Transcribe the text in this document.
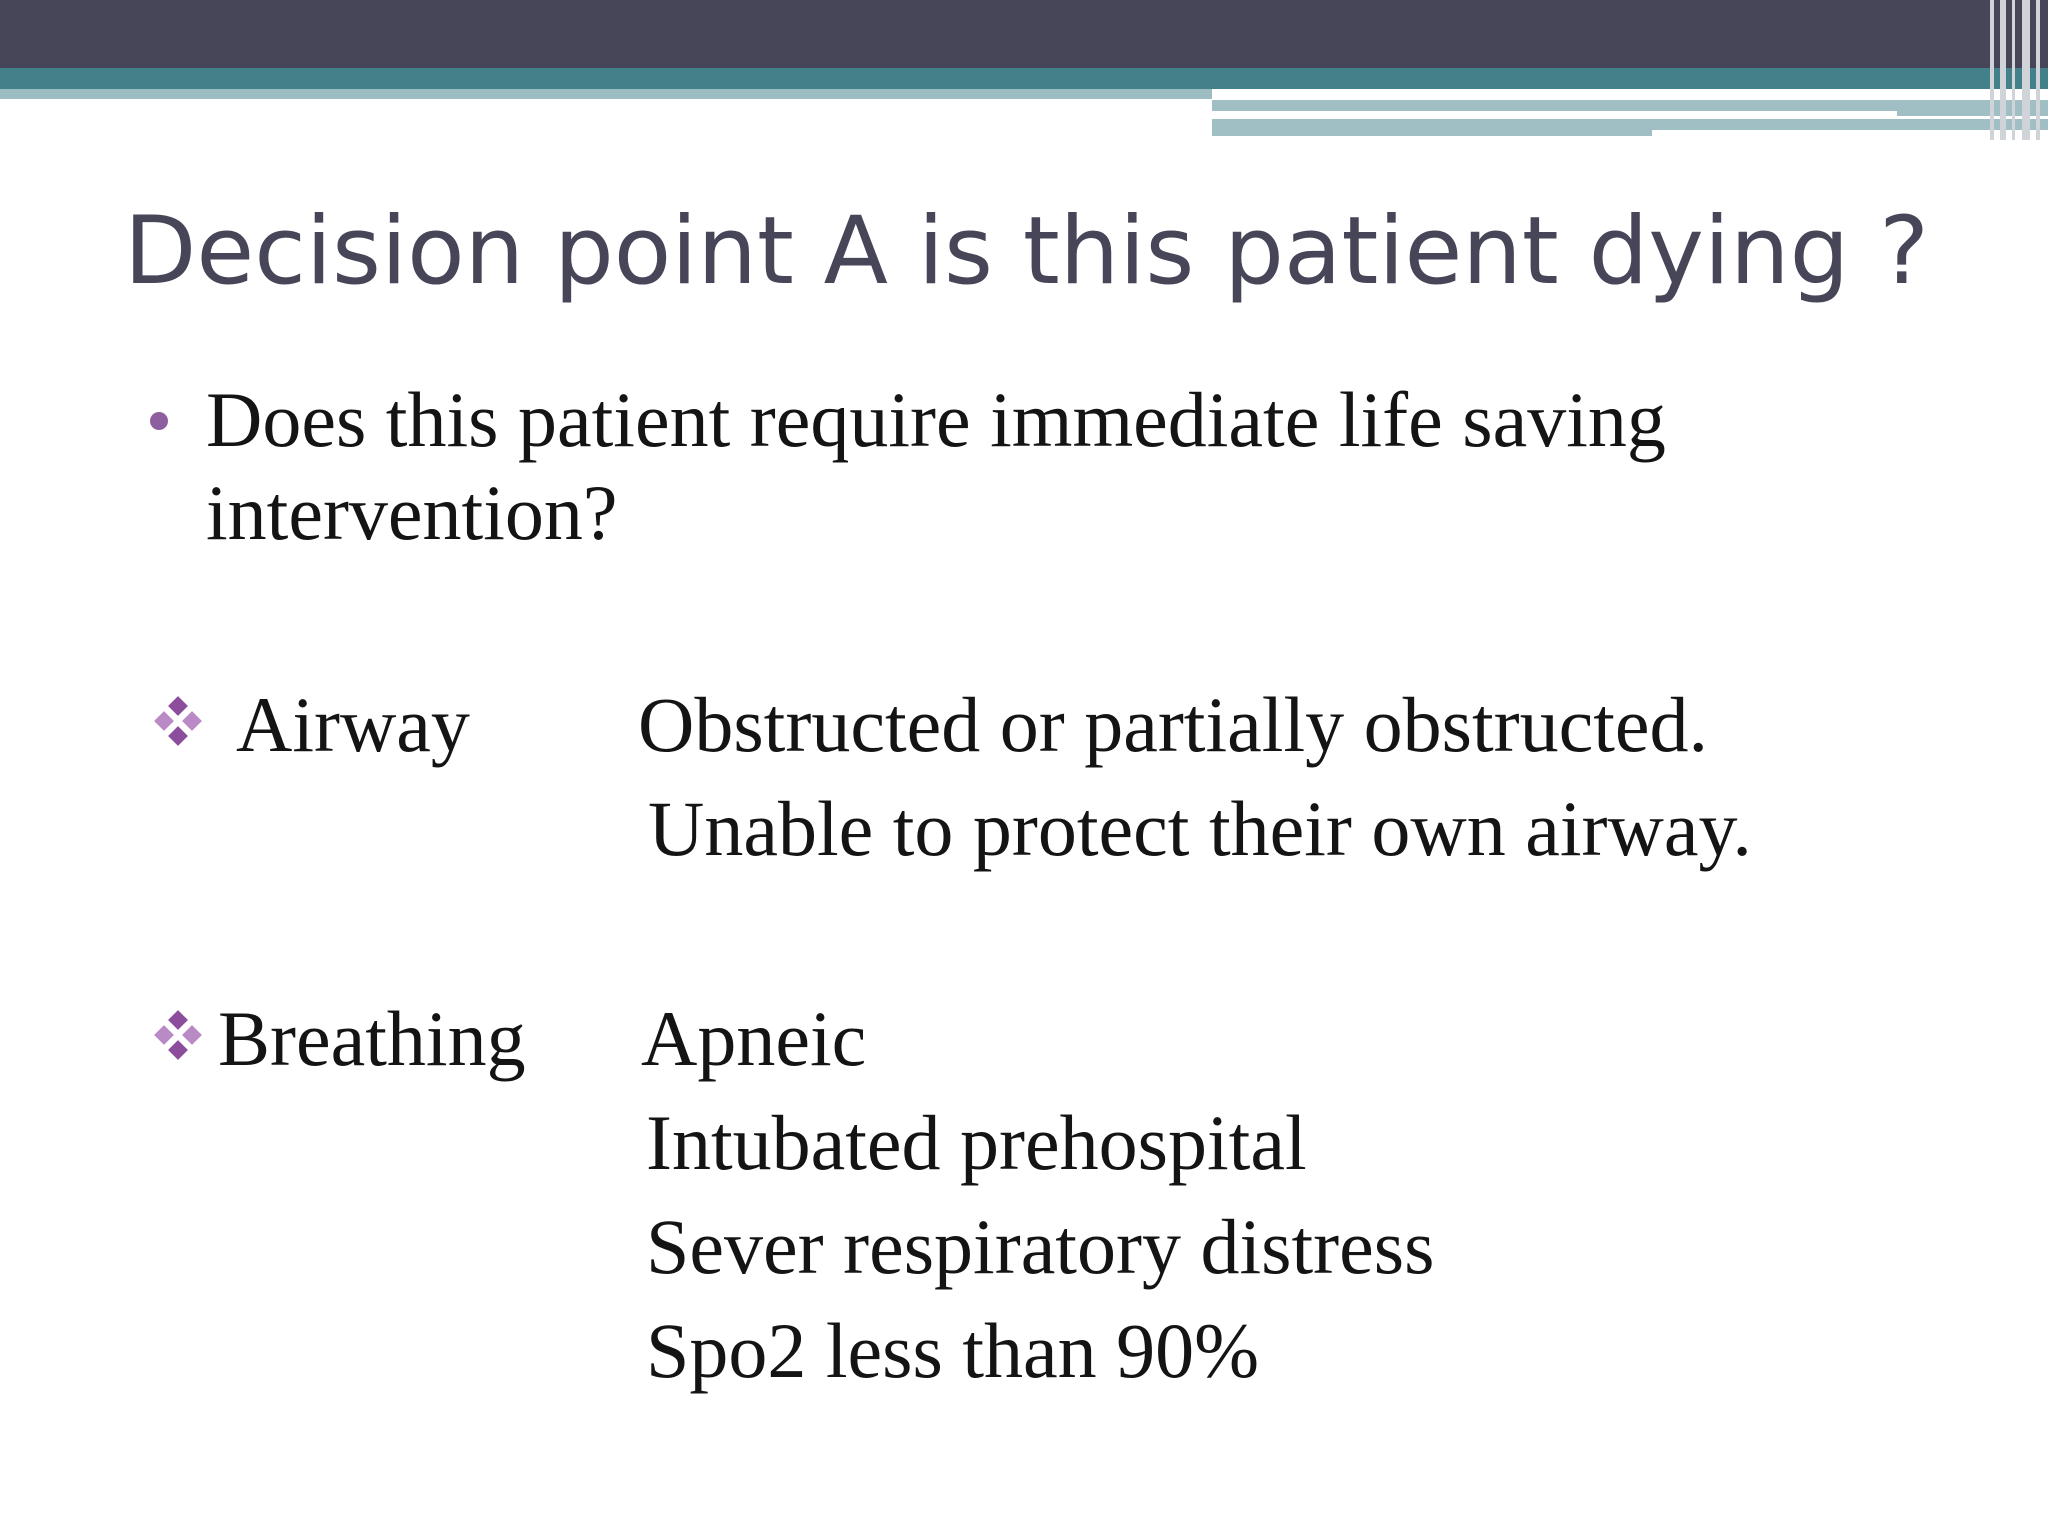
Decision point A is this patient dying ?
Does this patient require immediate life saving
intervention?
Airway Obstructed or partially obstructed.
Unable to protect their own airway.
Breathing Apneic
Intubated prehospital
Sever respiratory distress
Spo2 less than 90%
